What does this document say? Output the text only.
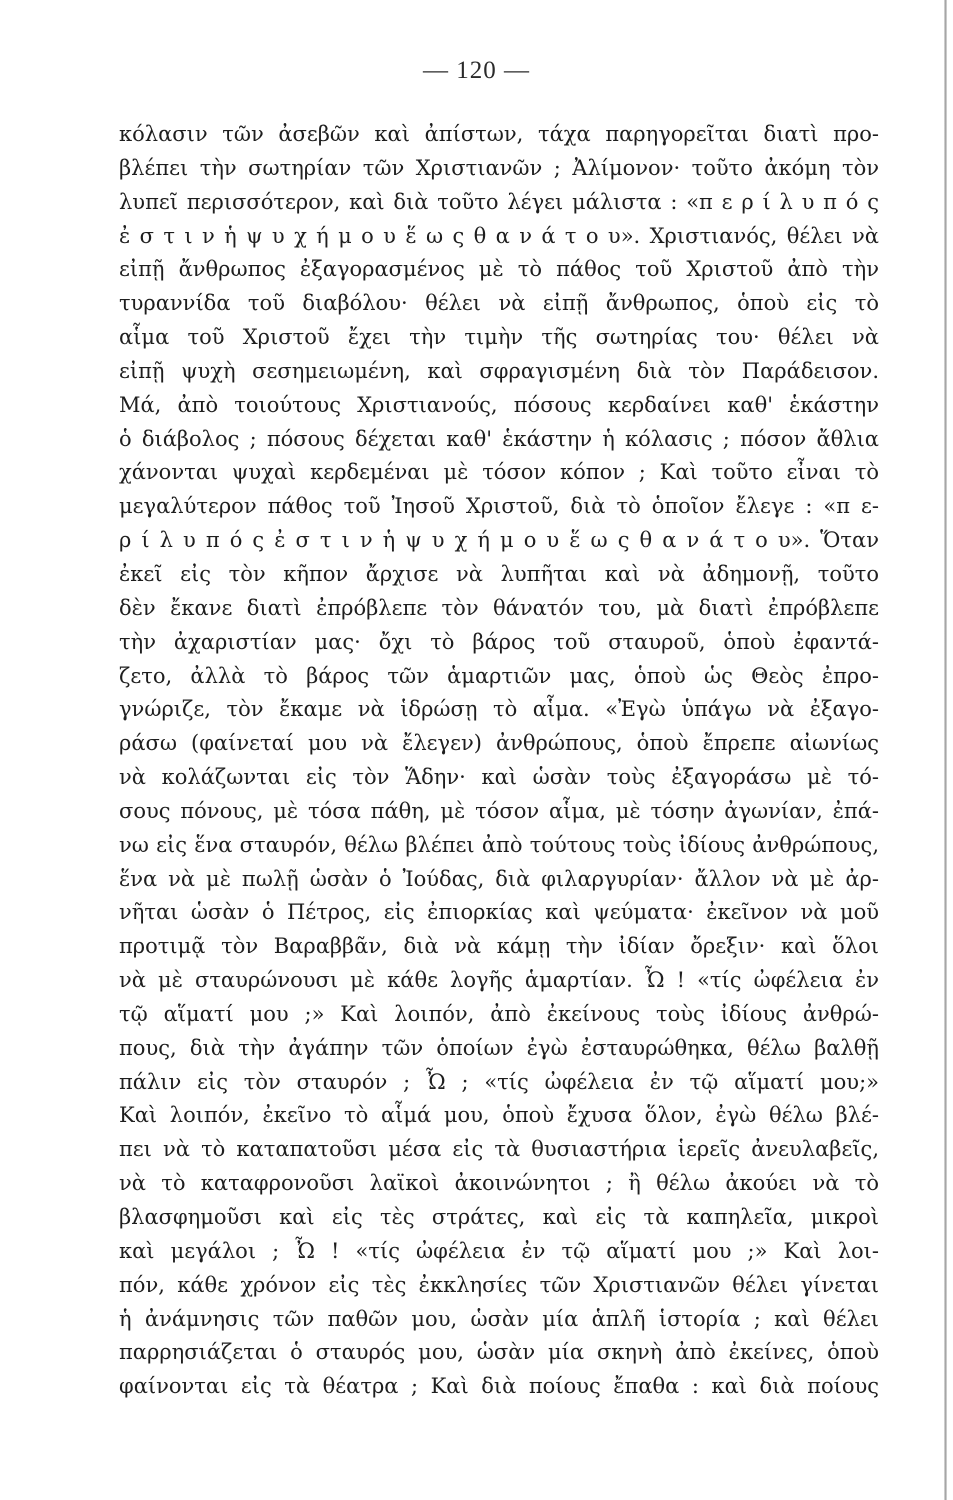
— 120 —
κόλασιν τῶν ἀσεβῶν καὶ ἀπίστων, τάχα παρηγορεῖται διατὶ προ-
βλέπει τὴν σωτηρίαν τῶν Χριστιανῶν ; Ἀλίμονον· τοῦτο ἀκόμη τὸν
λυπεῖ περισσότερον, καὶ διὰ τοῦτο λέγει μάλιστα : «π ε ρ ί λ υ π ό ς
ἐ σ τ ι ν ἡ ψ υ χ ή μ ο υ ἕ ω ς θ α ν ά τ ο υ». Χριστιανός, θέλει νὰ
εἰπῇ ἄνθρωπος ἐξαγορασμένος μὲ τὸ πάθος τοῦ Χριστοῦ ἀπὸ τὴν
τυραννίδα τοῦ διαβόλου· θέλει νὰ εἰπῇ ἄνθρωπος, ὁποὺ εἰς τὸ
αἷμα τοῦ Χριστοῦ ἔχει τὴν τιμὴν τῆς σωτηρίας του· θέλει νὰ
εἰπῇ ψυχὴ σεσημειωμένη, καὶ σφραγισμένη διὰ τὸν Παράδεισον.
Μά, ἀπὸ τοιούτους Χριστιανούς, πόσους κερδαίνει καθ' ἑκάστην
ὁ διάβολος ; πόσους δέχεται καθ' ἑκάστην ἡ κόλασις ; πόσον ἄθλια
χάνονται ψυχαὶ κερδεμέναι μὲ τόσον κόπον ; Καὶ τοῦτο εἶναι τὸ
μεγαλύτερον πάθος τοῦ Ἰησοῦ Χριστοῦ, διὰ τὸ ὁποῖον ἔλεγε : «π ε-
ρ ί λ υ π ό ς ἐ σ τ ι ν ἡ ψ υ χ ή μ ο υ ἕ ω ς θ α ν ά τ ο υ». Ὅταν
ἐκεῖ εἰς τὸν κῆπον ἄρχισε νὰ λυπῆται καὶ νὰ ἀδημονῇ, τοῦτο
δὲν ἔκανε διατὶ ἐπρόβλεπε τὸν θάνατόν του, μὰ διατὶ ἐπρόβλεπε
τὴν ἀχαριστίαν μας· ὄχι τὸ βάρος τοῦ σταυροῦ, ὁποὺ ἐφαντά-
ζετο, ἀλλὰ τὸ βάρος τῶν ἁμαρτιῶν μας, ὁποὺ ὡς Θεὸς ἐπρο-
γνώριζε, τὸν ἔκαμε νὰ ἱδρώσῃ τὸ αἷμα. «Ἐγὼ ὑπάγω νὰ ἐξαγο-
ράσω (φαίνεταί μου νὰ ἔλεγεν) ἀνθρώπους, ὁποὺ ἔπρεπε αἰωνίως
νὰ κολάζωνται εἰς τὸν Ἅδην· καὶ ὡσὰν τοὺς ἐξαγοράσω μὲ τό-
σους πόνους, μὲ τόσα πάθη, μὲ τόσον αἷμα, μὲ τόσην ἀγωνίαν, ἐπά-
νω εἰς ἕνα σταυρόν, θέλω βλέπει ἀπὸ τούτους τοὺς ἰδίους ἀνθρώπους,
ἕνα νὰ μὲ πωλῇ ὡσὰν ὁ Ἰούδας, διὰ φιλαργυρίαν· ἄλλον νὰ μὲ ἀρ-
νῆται ὡσὰν ὁ Πέτρος, εἰς ἐπιορκίας καὶ ψεύματα· ἐκεῖνον νὰ μοῦ
προτιμᾷ τὸν Βαραββᾶν, διὰ νὰ κάμῃ τὴν ἰδίαν ὄρεξιν· καὶ ὅλοι
νὰ μὲ σταυρώνουσι μὲ κάθε λογῆς ἁμαρτίαν. Ὦ ! «τίς ὠφέλεια ἐν
τῷ αἵματί μου ;» Καὶ λοιπόν, ἀπὸ ἐκείνους τοὺς ἰδίους ἀνθρώ-
πους, διὰ τὴν ἀγάπην τῶν ὁποίων ἐγὼ ἐσταυρώθηκα, θέλω βαλθῇ
πάλιν εἰς τὸν σταυρόν ; Ὦ ; «τίς ὠφέλεια ἐν τῷ αἵματί μου;»
Καὶ λοιπόν, ἐκεῖνο τὸ αἷμά μου, ὁποὺ ἔχυσα ὅλον, ἐγὼ θέλω βλέ-
πει νὰ τὸ καταπατοῦσι μέσα εἰς τὰ θυσιαστήρια ἱερεῖς ἀνευλαβεῖς,
νὰ τὸ καταφρονοῦσι λαϊκοὶ ἀκοινώνητοι ; ἢ θέλω ἀκούει νὰ τὸ
βλασφημοῦσι καὶ εἰς τὲς στράτες, καὶ εἰς τὰ καπηλεῖα, μικροὶ
καὶ μεγάλοι ; Ὦ ! «τίς ὠφέλεια ἐν τῷ αἵματί μου ;» Καὶ λοι-
πόν, κάθε χρόνον εἰς τὲς ἐκκλησίες τῶν Χριστιανῶν θέλει γίνεται
ἡ ἀνάμνησις τῶν παθῶν μου, ὡσὰν μία ἁπλῆ ἱστορία ; καὶ θέλει
παρρησιάζεται ὁ σταυρός μου, ὡσὰν μία σκηνὴ ἀπὸ ἐκείνες, ὁποὺ
φαίνονται εἰς τὰ θέατρα ; Καὶ διὰ ποίους ἔπαθα : καὶ διὰ ποίους
